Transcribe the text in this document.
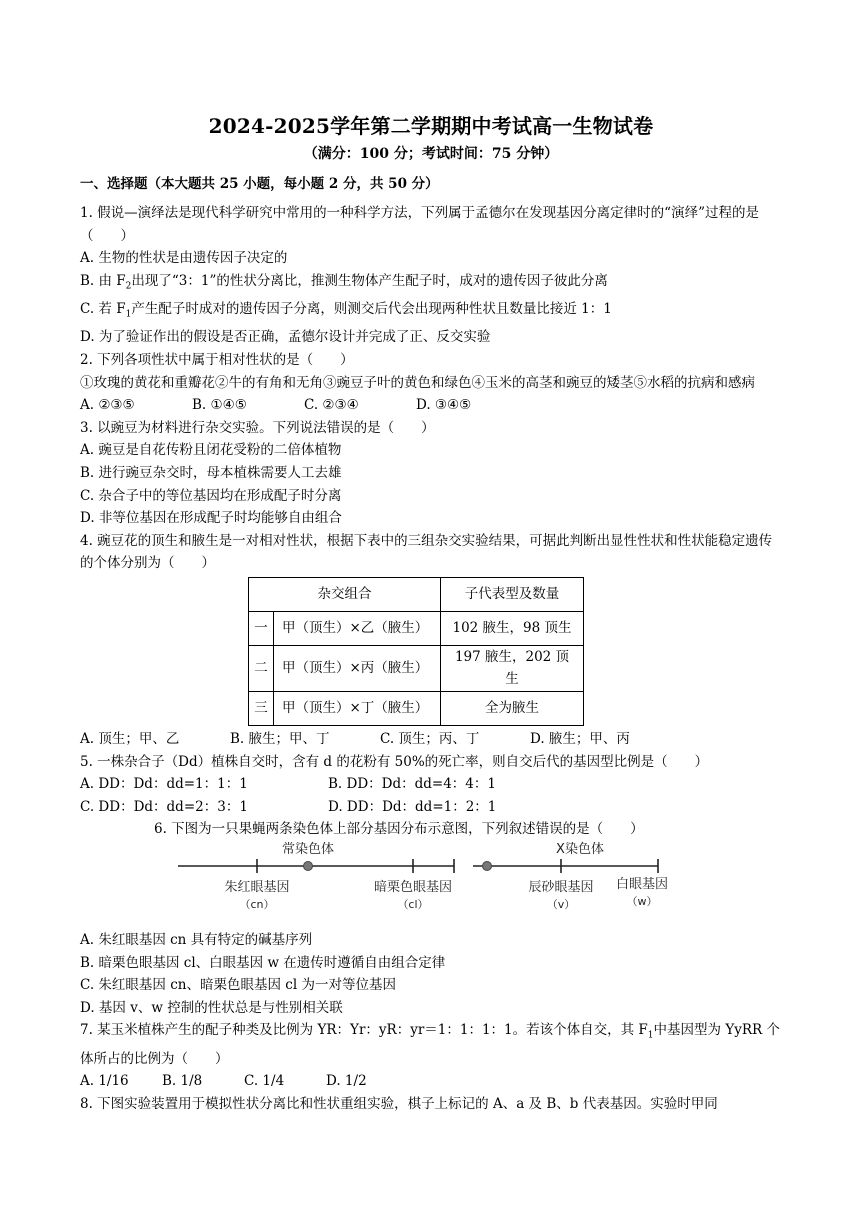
2024-2025学年第二学期期中考试高一生物试卷
（满分：100 分；考试时间：75 分钟）
一、选择题（本大题共 25 小题，每小题 2 分，共 50 分）

1. 假说—演绎法是现代科学研究中常用的一种科学方法，下列属于孟德尔在发现基因分离定律时的“演绎”过程的是（　　）

A. 生物的性状是由遗传因子决定的

B. 由 $F_2$出现了“3：1”的性状分离比，推测生物体产生配子时，成对的遗传因子彼此分离

C. 若 $F_1$产生配子时成对的遗传因子分离，则测交后代会出现两种性状且数量比接近 1：1

D. 为了验证作出的假设是否正确，孟德尔设计并完成了正、反交实验

2. 下列各项性状中属于相对性状的是（　　）

①玫瑰的黄花和重瓣花②牛的有角和无角③豌豆子叶的黄色和绿色④玉米的高茎和豌豆的矮茎⑤水稻的抗病和感病

A. ②③⑤	B. ①④⑤	C. ②③④	D. ③④⑤

3. 以豌豆为材料进行杂交实验。下列说法错误的是（　　）

A. 豌豆是自花传粉且闭花受粉的二倍体植物

B. 进行豌豆杂交时，母本植株需要人工去雄

C. 杂合子中的等位基因均在形成配子时分离

D. 非等位基因在形成配子时均能够自由组合

4. 豌豆花的顶生和腋生是一对相对性状，根据下表中的三组杂交实验结果，可据此判断出显性性状和性状能稳定遗传的个体分别为（　　）

杂交组合		子代表型及数量
一	甲（顶生）×乙（腋生）	102 腋生，98 顶生
二	甲（顶生）×丙（腋生）	197 腋生，202 顶生
三	甲（顶生）×丁（腋生）	全为腋生

A. 顶生；甲、乙	B. 腋生；甲、丁	C. 顶生；丙、丁	D. 腋生；甲、丙

5. 一株杂合子（Dd）植株自交时，含有 d 的花粉有 50%的死亡率，则自交后代的基因型比例是（　　）

A. DD：Dd：dd=1：1：1	B. DD：Dd：dd=4：4：1

C. DD：Dd：dd=2：3：1	D. DD：Dd：dd=1：2：1

6. 下图为一只果蝇两条染色体上部分基因分布示意图，下列叙述错误的是（　　）

常染色体
朱红眼基因
（cn）
暗栗色眼基因
（cl）
X染色体
辰砂眼基因
（v）
白眼基因
（w）

A. 朱红眼基因 cn 具有特定的碱基序列

B. 暗栗色眼基因 cl、白眼基因 w 在遗传时遵循自由组合定律

C. 朱红眼基因 cn、暗栗色眼基因 cl 为一对等位基因

D. 基因 v、w 控制的性状总是与性别相关联

7. 某玉米植株产生的配子种类及比例为 YR：Yr：yR：yr＝1：1：1：1。若该个体自交，其 $F_1$中基因型为 YyRR 个体所占的比例为（　　）

A. 1/16	B. 1/8	C. 1/4	D. 1/2

8. 下图实验装置用于模拟性状分离比和性状重组实验，棋子上标记的 A、a 及 B、b 代表基因。实验时甲同
